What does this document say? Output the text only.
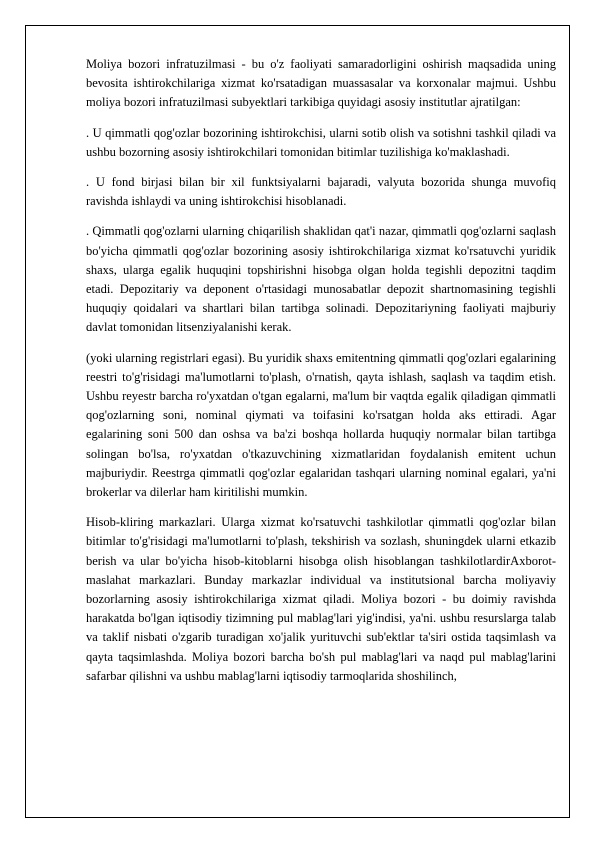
Moliya bozori infratuzilmasi - bu o'z faoliyati samaradorligini oshirish maqsadida uning bevosita ishtirokchilariga xizmat ko'rsatadigan muassasalar va korxonalar majmui. Ushbu moliya bozori infratuzilmasi subyektlari tarkibiga quyidagi asosiy institutlar ajratilgan:

. U qimmatli qog'ozlar bozorining ishtirokchisi, ularni sotib olish va sotishni tashkil qiladi va ushbu bozorning asosiy ishtirokchilari tomonidan bitimlar tuzilishiga ko'maklashadi.

. U fond birjasi bilan bir xil funktsiyalarni bajaradi, valyuta bozorida shunga muvofiq ravishda ishlaydi va uning ishtirokchisi hisoblanadi.

. Qimmatli qog'ozlarni ularning chiqarilish shaklidan qat'i nazar, qimmatli qog'ozlarni saqlash bo'yicha qimmatli qog'ozlar bozorining asosiy ishtirokchilariga xizmat ko'rsatuvchi yuridik shaxs, ularga egalik huquqini topshirishni hisobga olgan holda tegishli depozitni taqdim etadi. Depozitariy va deponent o'rtasidagi munosabatlar depozit shartnomasining tegishli huquqiy qoidalari va shartlari bilan tartibga solinadi. Depozitariyning faoliyati majburiy davlat tomonidan litsenziyalanishi kerak.

(yoki ularning registrlari egasi). Bu yuridik shaxs emitentning qimmatli qog'ozlari egalarining reestri to'g'risidagi ma'lumotlarni to'plash, o'rnatish, qayta ishlash, saqlash va taqdim etish. Ushbu reyestr barcha ro'yxatdan o'tgan egalarni, ma'lum bir vaqtda egalik qiladigan qimmatli qog'ozlarning soni, nominal qiymati va toifasini ko'rsatgan holda aks ettiradi. Agar egalarining soni 500 dan oshsa va ba'zi boshqa hollarda huquqiy normalar bilan tartibga solingan bo'lsa, ro'yxatdan o'tkazuvchining xizmatlaridan foydalanish emitent uchun majburiydir. Reestrga qimmatli qog'ozlar egalaridan tashqari ularning nominal egalari, ya'ni brokerlar va dilerlar ham kiritilishi mumkin.

Hisob-kliring markazlari. Ularga xizmat ko'rsatuvchi tashkilotlar qimmatli qog'ozlar bilan bitimlar to'g'risidagi ma'lumotlarni to'plash, tekshirish va sozlash, shuningdek ularni etkazib berish va ular bo'yicha hisob-kitoblarni hisobga olish hisoblangan tashkilotlardirAxborot-maslahat markazlari. Bunday markazlar individual va institutsional barcha moliyaviy bozorlarning asosiy ishtirokchilariga xizmat qiladi. Moliya bozori - bu doimiy ravishda harakatda bo'lgan iqtisodiy tizimning pul mablag'lari yig'indisi, ya'ni. ushbu resurslarga talab va taklif nisbati o'zgarib turadigan xo'jalik yurituvchi sub'ektlar ta'siri ostida taqsimlash va qayta taqsimlashda. Moliya bozori barcha bo'sh pul mablag'lari va naqd pul mablag'larini safarbar qilishni va ushbu mablag'larni iqtisodiy tarmoqlarida shoshilinch,
